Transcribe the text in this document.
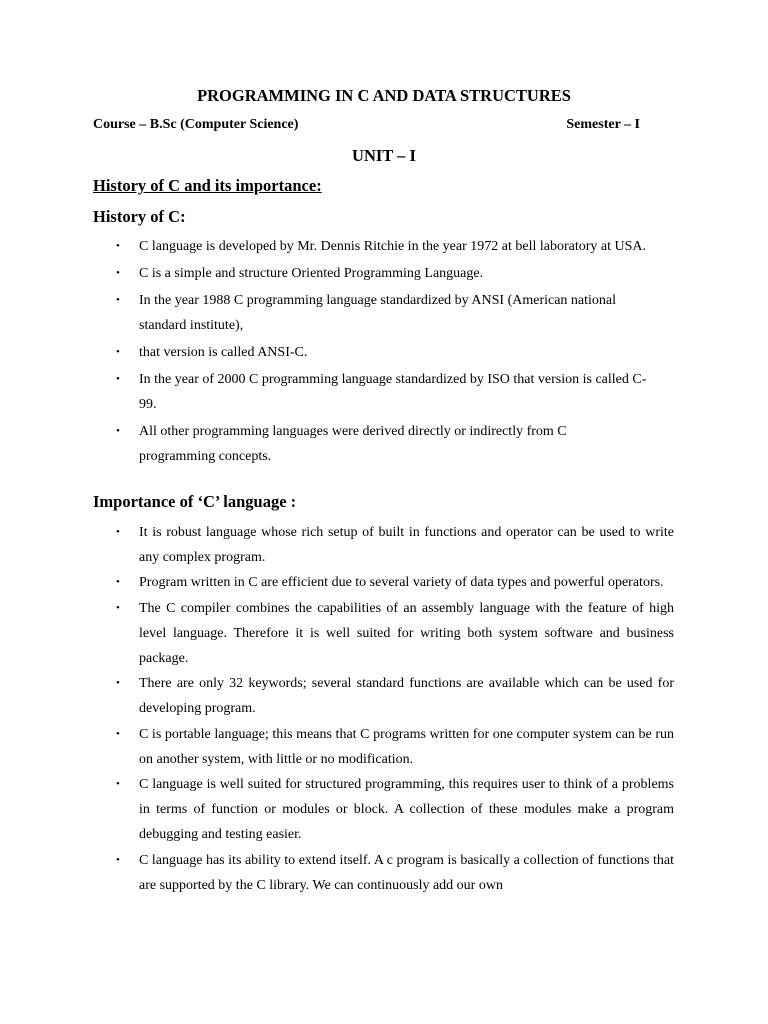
PROGRAMMING IN C AND DATA STRUCTURES
Course – B.Sc (Computer Science)	Semester – I
UNIT – I
History of C and its importance:
History of C:
• C language is developed by Mr. Dennis Ritchie in the year 1972 at bell laboratory at USA.
• C is a simple and structure Oriented Programming Language.
• In the year 1988 C programming language standardized by ANSI (American national standard institute),
• that version is called ANSI-C.
• In the year of 2000 C programming language standardized by ISO that version is called C-99.
• All other programming languages were derived directly or indirectly from C programming concepts.
Importance of ‘C’ language :
• It is robust language whose rich setup of built in functions and operator can be used to write any complex program.
• Program written in C are efficient due to several variety of data types and powerful operators.
• The C compiler combines the capabilities of an assembly language with the feature of high level language. Therefore it is well suited for writing both system software and business package.
• There are only 32 keywords; several standard functions are available which can be used for developing program.
• C is portable language; this means that C programs written for one computer system can be run on another system, with little or no modification.
• C language is well suited for structured programming, this requires user to think of a problems in terms of function or modules or block. A collection of these modules make a program debugging and testing easier.
• C language has its ability to extend itself. A c program is basically a collection of functions that are supported by the C library. We can continuously add our own
